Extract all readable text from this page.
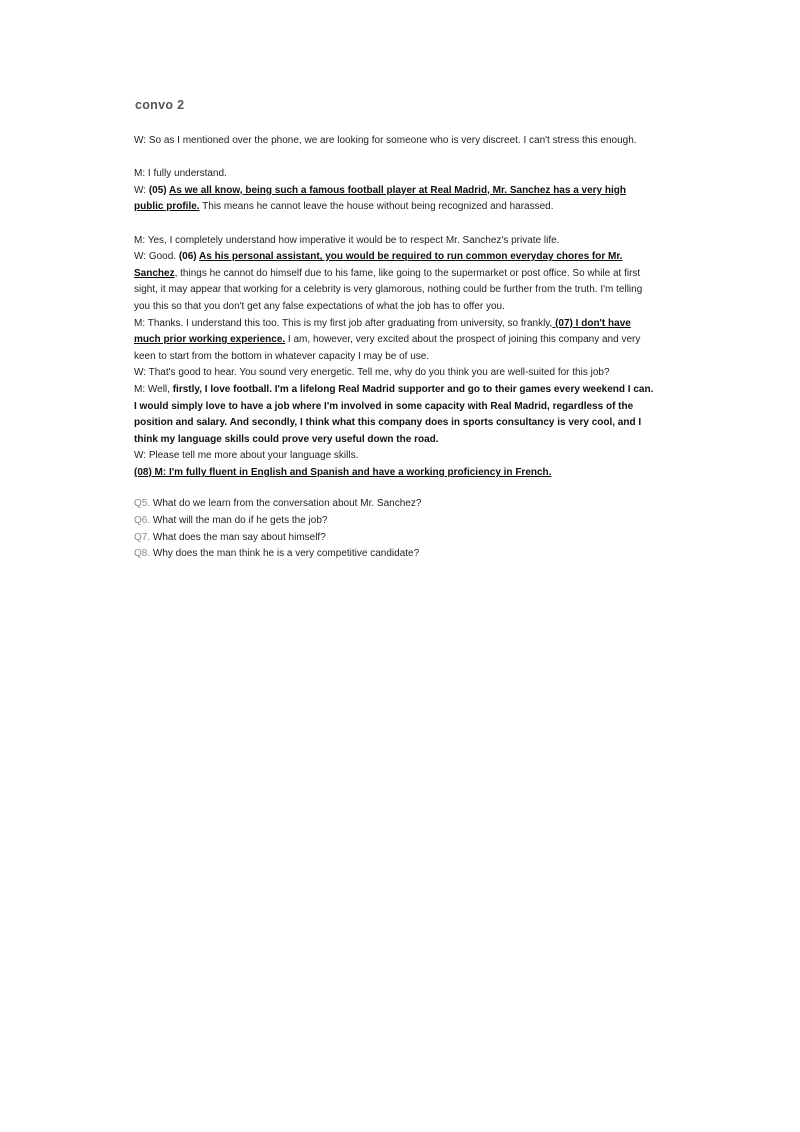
convo 2

W: So as I mentioned over the phone, we are looking for someone who is very discreet. I can't stress this enough.

M: I fully understand.

W: (05) As we all know, being such a famous football player at Real Madrid, Mr. Sanchez has a very high public profile. This means he cannot leave the house without being recognized and harassed.

M: Yes, I completely understand how imperative it would be to respect Mr. Sanchez's private life.

W: Good. (06) As his personal assistant, you would be required to run common everyday chores for Mr. Sanchez, things he cannot do himself due to his fame, like going to the supermarket or post office. So while at first sight, it may appear that working for a celebrity is very glamorous, nothing could be further from the truth. I'm telling you this so that you don't get any false expectations of what the job has to offer you.

M: Thanks. I understand this too. This is my first job after graduating from university, so frankly, (07) I don't have much prior working experience. I am, however, very excited about the prospect of joining this company and very keen to start from the bottom in whatever capacity I may be of use.

W: That's good to hear. You sound very energetic. Tell me, why do you think you are well-suited for this job?

M: Well, firstly, I love football. I'm a lifelong Real Madrid supporter and go to their games every weekend I can. I would simply love to have a job where I'm involved in some capacity with Real Madrid, regardless of the position and salary. And secondly, I think what this company does in sports consultancy is very cool, and I think my language skills could prove very useful down the road.

W: Please tell me more about your language skills.

(08) M: I'm fully fluent in English and Spanish and have a working proficiency in French.

Q5. What do we learn from the conversation about Mr. Sanchez?

Q6. What will the man do if he gets the job?

Q7. What does the man say about himself?

Q8. Why does the man think he is a very competitive candidate?
